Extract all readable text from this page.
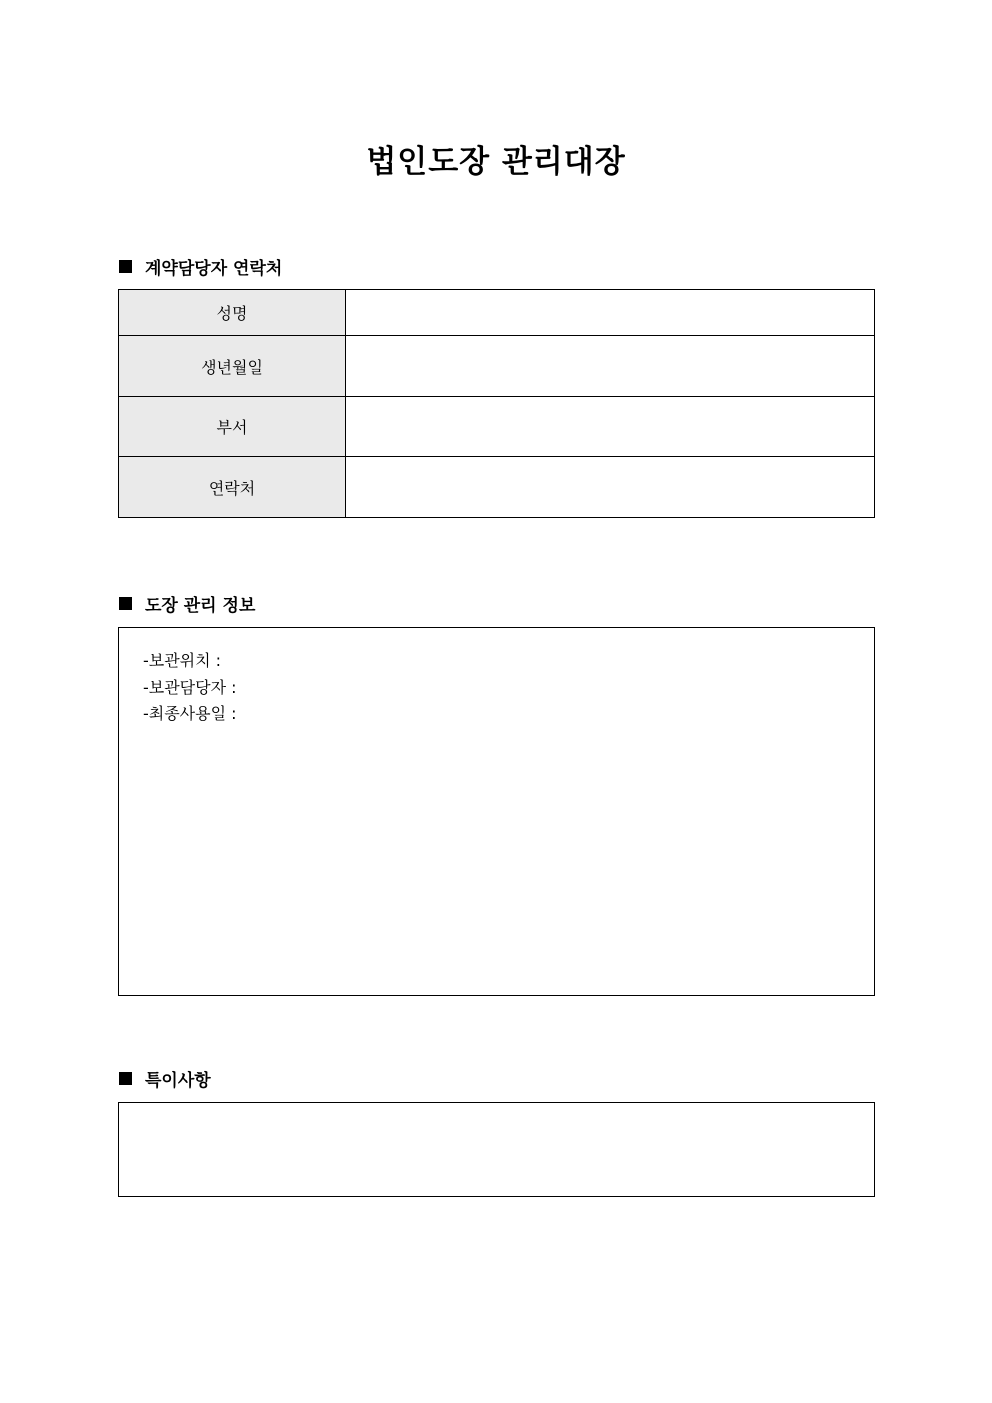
법인도장 관리대장
계약담당자 연락처
성명	
생년월일	
부서	
연락처	
도장 관리 정보
-보관위치 :
-보관담당자 :
-최종사용일 :
특이사항
